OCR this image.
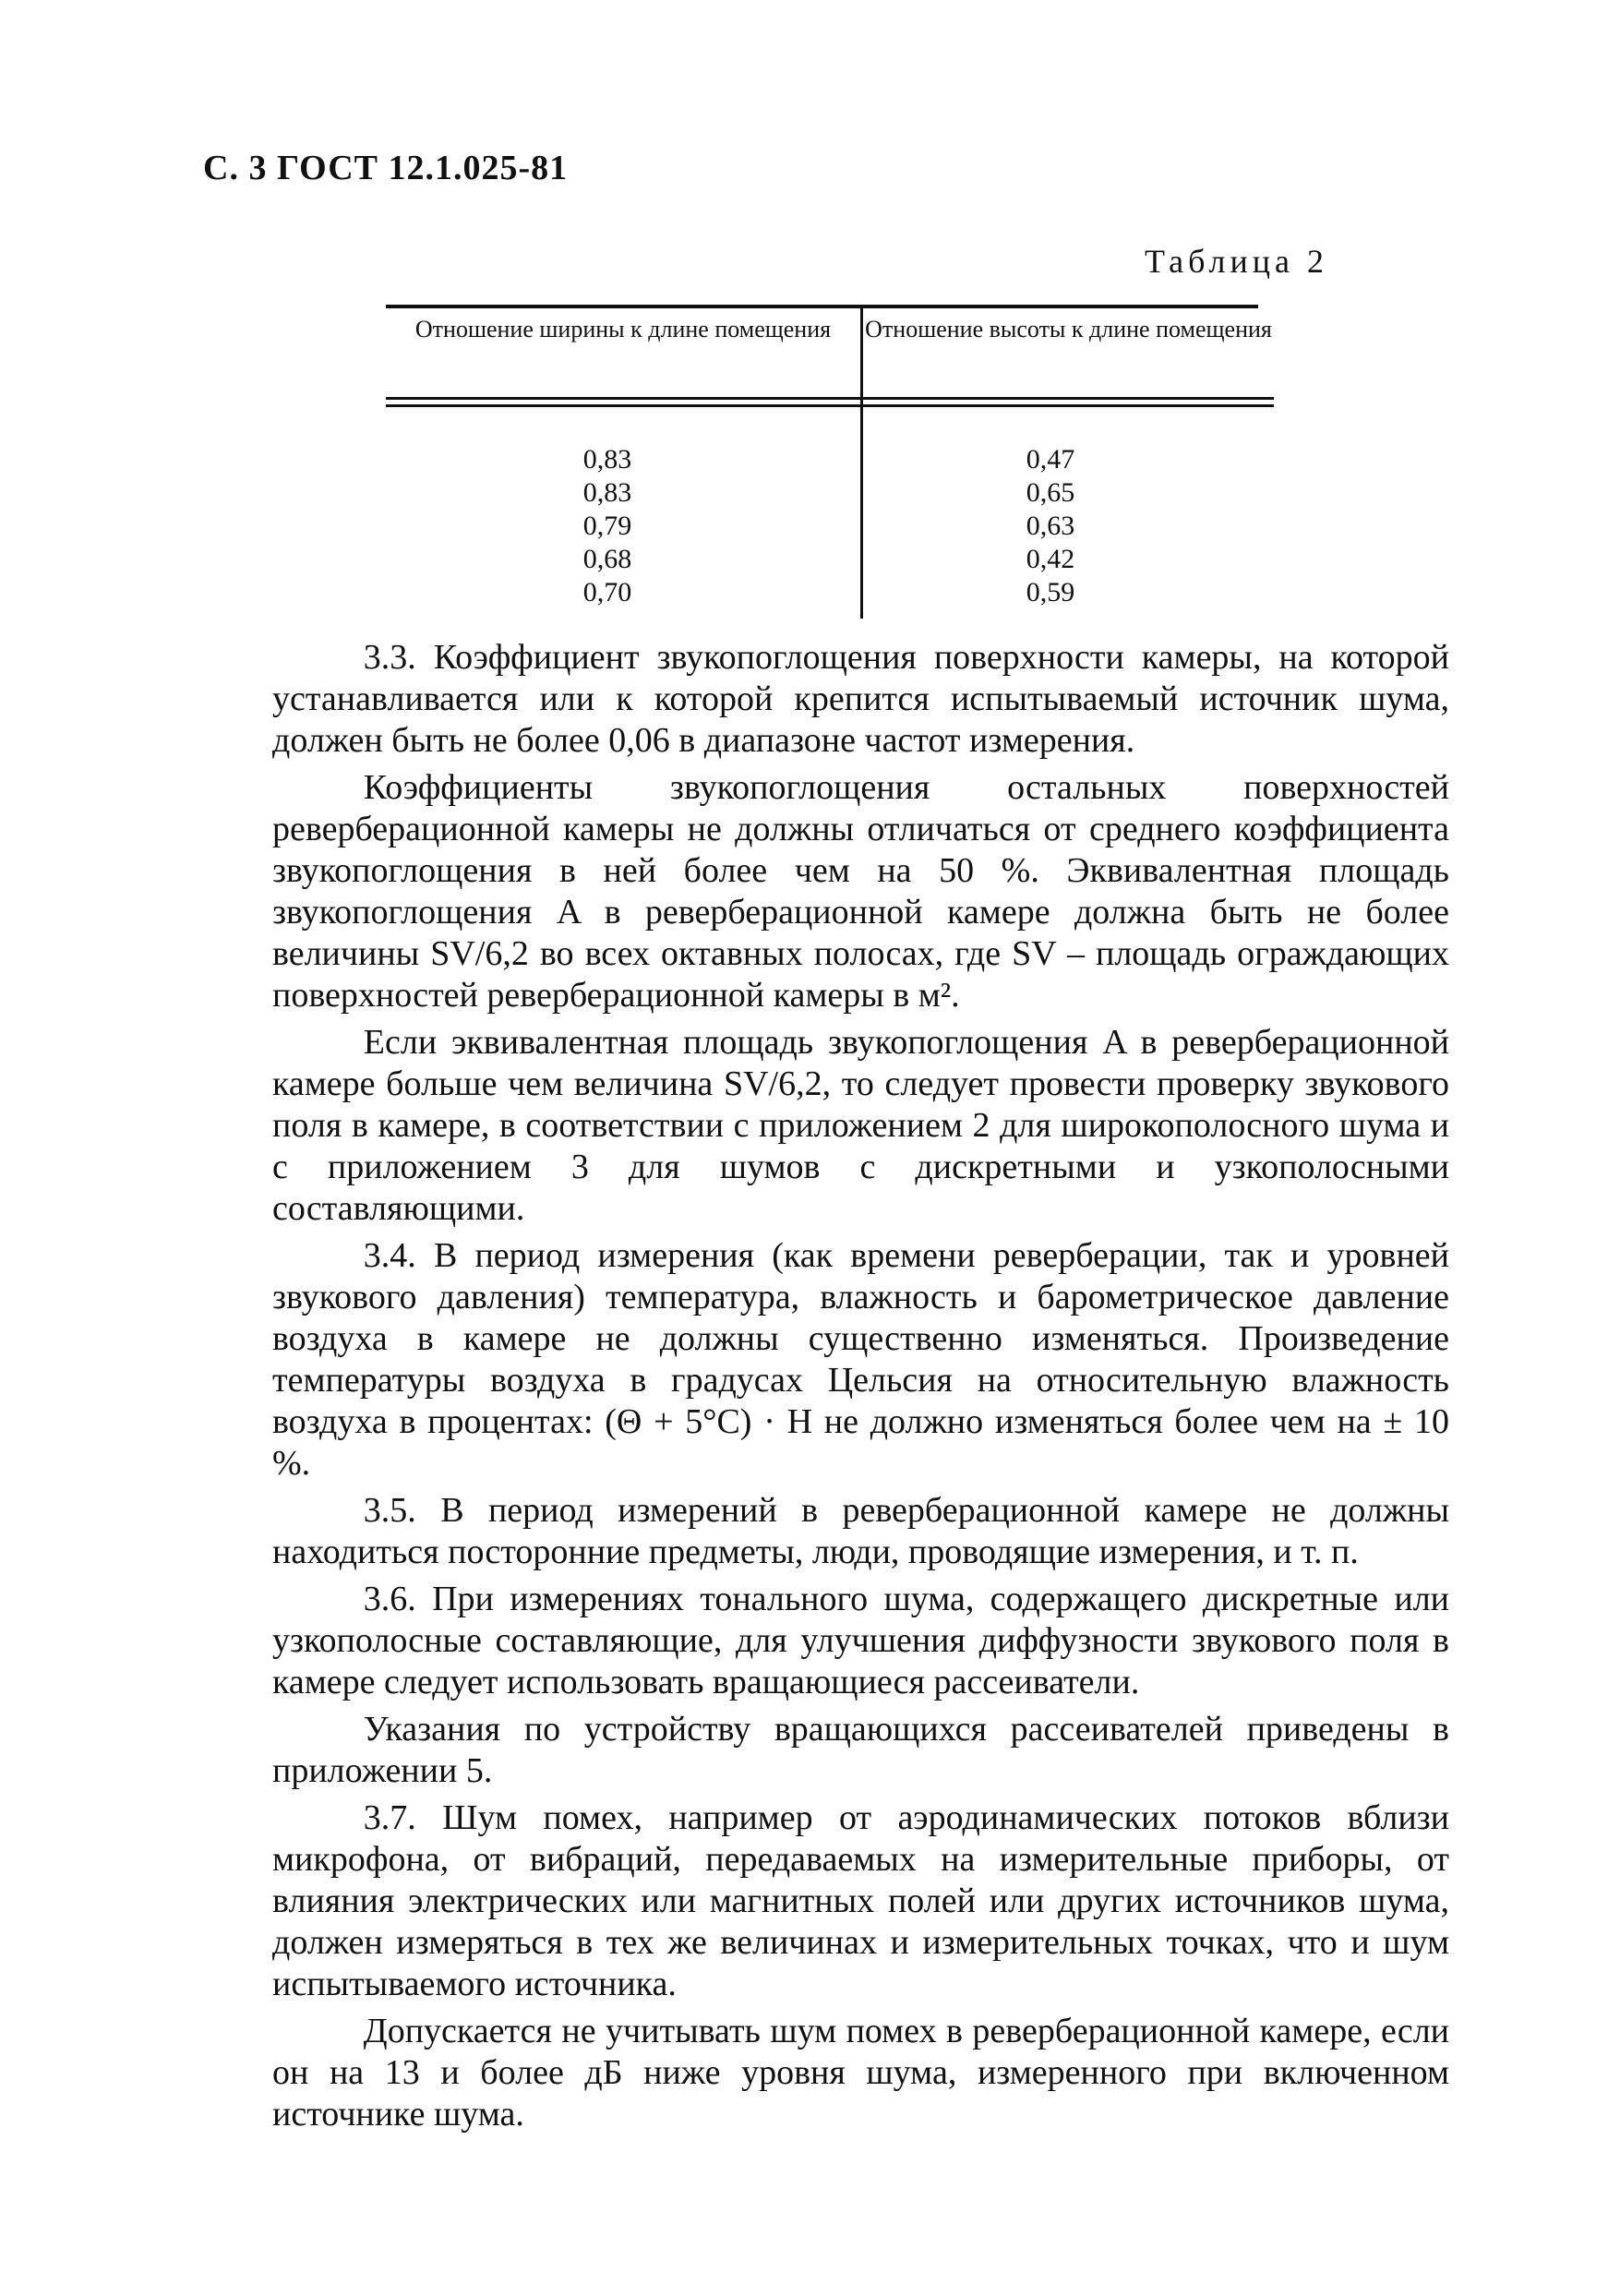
С. 3 ГОСТ 12.1.025-81
Таблица 2
Отношение ширины к длине помещения	Отношение высоты к длине помещения
0,83
0,83
0,79
0,68
0,70
0,47
0,65
0,63
0,42
0,59

3.3. Коэффициент звукопоглощения поверхности камеры, на которой устанавливается или к которой крепится испытываемый источник шума, должен быть не более 0,06 в диапазоне частот измерения.

Коэффициенты звукопоглощения остальных поверхностей реверберационной камеры не должны отличаться от среднего коэффициента звукопоглощения в ней более чем на 50 %. Эквивалентная площадь звукопоглощения A в реверберационной камере должна быть не более величины SV/6,2 во всех октавных полосах, где SV – площадь ограждающих поверхностей реверберационной камеры в м².

Если эквивалентная площадь звукопоглощения A в реверберационной камере больше чем величина SV/6,2, то следует провести проверку звукового поля в камере, в соответствии с приложением 2 для широкополосного шума и с приложением 3 для шумов с дискретными и узкополосными составляющими.

3.4. В период измерения (как времени реверберации, так и уровней звукового давления) температура, влажность и барометрическое давление воздуха в камере не должны существенно изменяться. Произведение температуры воздуха в градусах Цельсия на относительную влажность воздуха в процентах: (Θ + 5°С) · H не должно изменяться более чем на ± 10 %.

3.5. В период измерений в реверберационной камере не должны находиться посторонние предметы, люди, проводящие измерения, и т. п.

3.6. При измерениях тонального шума, содержащего дискретные или узкополосные составляющие, для улучшения диффузности звукового поля в камере следует использовать вращающиеся рассеиватели.

Указания по устройству вращающихся рассеивателей приведены в приложении 5.

3.7. Шум помех, например от аэродинамических потоков вблизи микрофона, от вибраций, передаваемых на измерительные приборы, от влияния электрических или магнитных полей или других источников шума, должен измеряться в тех же величинах и измерительных точках, что и шум испытываемого источника.

Допускается не учитывать шум помех в реверберационной камере, если он на 13 и более дБ ниже уровня шума, измеренного при включенном источнике шума.
